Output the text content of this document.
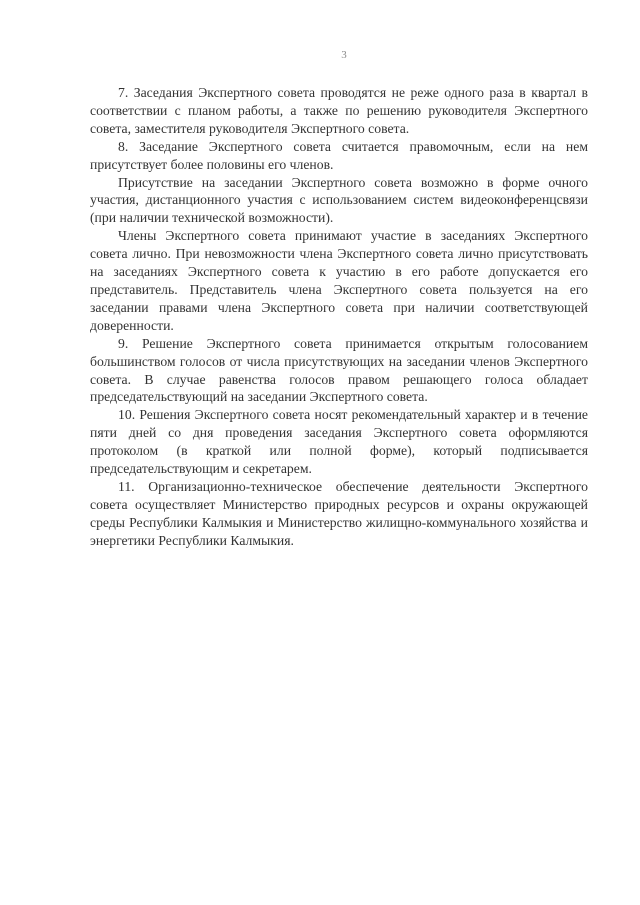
3

7. Заседания Экспертного совета проводятся не реже одного раза в квартал в соответствии с планом работы, а также по решению руководителя Экспертного совета, заместителя руководителя Экспертного совета.

8. Заседание Экспертного совета считается правомочным, если на нем присутствует более половины его членов.

Присутствие на заседании Экспертного совета возможно в форме очного участия, дистанционного участия с использованием систем видеоконференцсвязи (при наличии технической возможности).

Члены Экспертного совета принимают участие в заседаниях Экспертного совета лично. При невозможности члена Экспертного совета лично присутствовать на заседаниях Экспертного совета к участию в его работе допускается его представитель. Представитель члена Экспертного совета пользуется на его заседании правами члена Экспертного совета при наличии соответствующей доверенности.

9. Решение Экспертного совета принимается открытым голосованием большинством голосов от числа присутствующих на заседании членов Экспертного совета. В случае равенства голосов правом решающего голоса обладает председательствующий на заседании Экспертного совета.

10. Решения Экспертного совета носят рекомендательный характер и в течение пяти дней со дня проведения заседания Экспертного совета оформляются протоколом (в краткой или полной форме), который подписывается председательствующим и секретарем.

11. Организационно-техническое обеспечение деятельности Экспертного совета осуществляет Министерство природных ресурсов и охраны окружающей среды Республики Калмыкия и Министерство жилищно-коммунального хозяйства и энергетики Республики Калмыкия.
